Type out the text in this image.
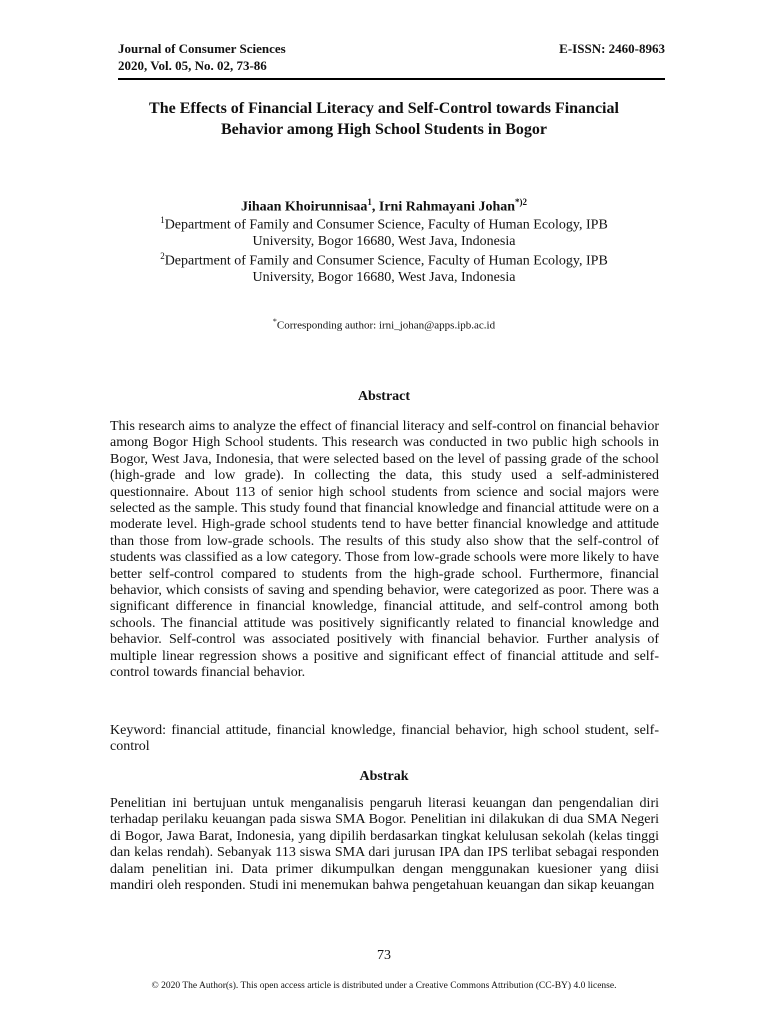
Journal of Consumer Sciences
2020, Vol. 05, No. 02, 73-86
E-ISSN: 2460-8963
The Effects of Financial Literacy and Self-Control towards Financial
Behavior among High School Students in Bogor
Jihaan Khoirunnisaa$^1$, Irni Rahmayani Johan$^{*)2}$
$^1$Department of Family and Consumer Science, Faculty of Human Ecology, IPB
University, Bogor 16680, West Java, Indonesia
$^2$Department of Family and Consumer Science, Faculty of Human Ecology, IPB
University, Bogor 16680, West Java, Indonesia
*Corresponding author: irni_johan@apps.ipb.ac.id
Abstract
This research aims to analyze the effect of financial literacy and self-control on financial behavior among Bogor High School students. This research was conducted in two public high schools in Bogor, West Java, Indonesia, that were selected based on the level of passing grade of the school (high-grade and low grade). In collecting the data, this study used a self-administered questionnaire. About 113 of senior high school students from science and social majors were selected as the sample. This study found that financial knowledge and financial attitude were on a moderate level. High-grade school students tend to have better financial knowledge and attitude than those from low-grade schools. The results of this study also show that the self-control of students was classified as a low category. Those from low-grade schools were more likely to have better self-control compared to students from the high-grade school. Furthermore, financial behavior, which consists of saving and spending behavior, were categorized as poor. There was a significant difference in financial knowledge, financial attitude, and self-control among both schools. The financial attitude was positively significantly related to financial knowledge and behavior. Self-control was associated positively with financial behavior. Further analysis of multiple linear regression shows a positive and significant effect of financial attitude and self-control towards financial behavior.
Keyword: financial attitude, financial knowledge, financial behavior, high school student, self-control
Abstrak
Penelitian ini bertujuan untuk menganalisis pengaruh literasi keuangan dan pengendalian diri terhadap perilaku keuangan pada siswa SMA Bogor. Penelitian ini dilakukan di dua SMA Negeri di Bogor, Jawa Barat, Indonesia, yang dipilih berdasarkan tingkat kelulusan sekolah (kelas tinggi dan kelas rendah). Sebanyak 113 siswa SMA dari jurusan IPA dan IPS terlibat sebagai responden dalam penelitian ini. Data primer dikumpulkan dengan menggunakan kuesioner yang diisi mandiri oleh responden. Studi ini menemukan bahwa pengetahuan keuangan dan sikap keuangan
73
© 2020 The Author(s). This open access article is distributed under a Creative Commons Attribution (CC-BY) 4.0 license.
